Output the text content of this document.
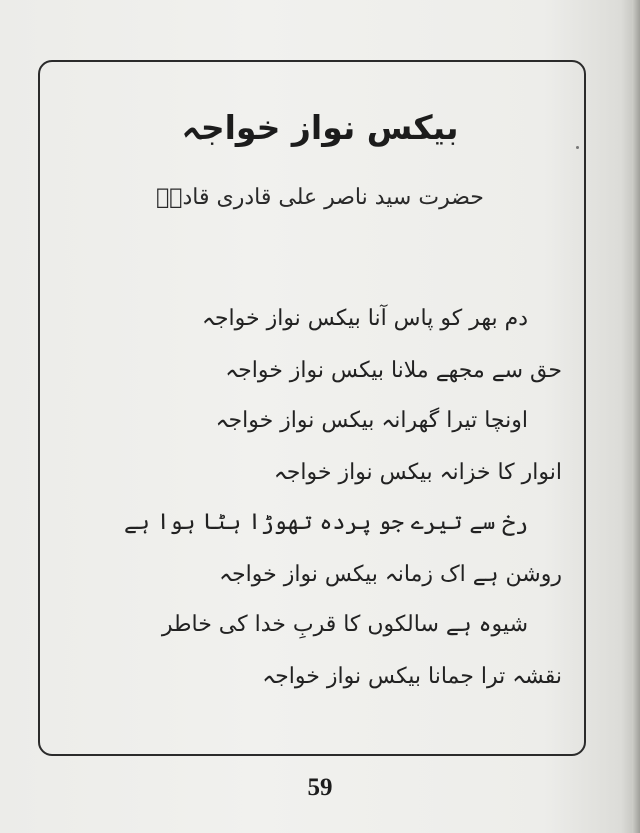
بیکس نواز خواجہ
حضرت سید ناصر علی قادری قادرؔ
دم بھر کو پاس آنا بیکس نواز خواجہ
حق سے مجھے ملانا بیکس نواز خواجہ
اونچا تیرا گھرانہ بیکس نواز خواجہ
انوار کا خزانہ بیکس نواز خواجہ
رخ سے تیرے جو پردہ تھوڑا ہٹا ہوا ہے
روشن ہے اک زمانہ بیکس نواز خواجہ
شیوہ ہے سالکوں کا قربِ خدا کی خاطر
نقشہ ترا جمانا بیکس نواز خواجہ
59
